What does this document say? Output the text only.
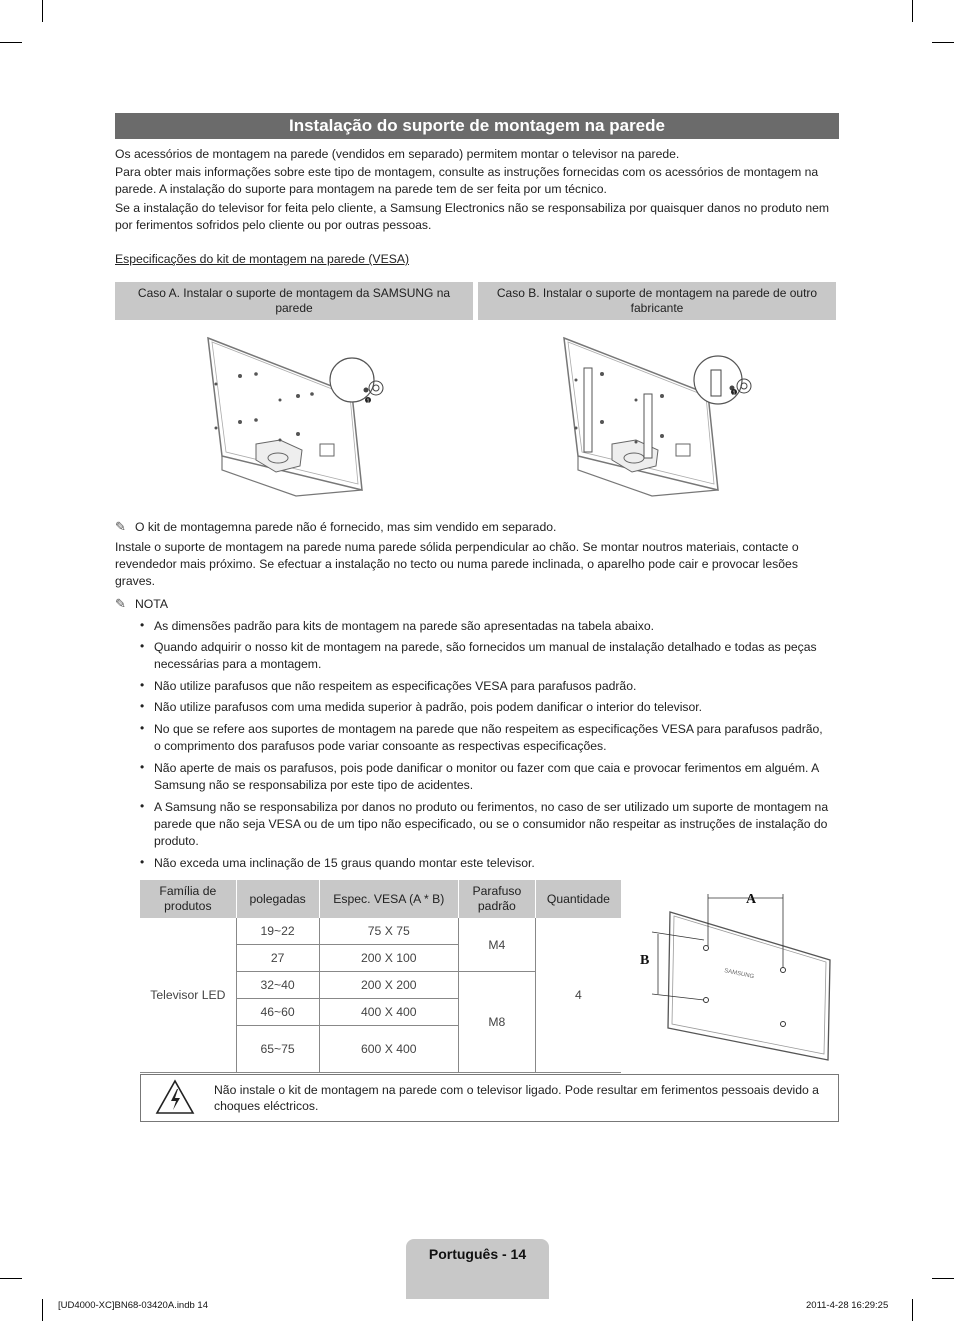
Instalação do suporte de montagem na parede

Os acessórios de montagem na parede (vendidos em separado) permitem montar o televisor na parede.

Para obter mais informações sobre este tipo de montagem, consulte as instruções fornecidas com os acessórios de montagem na parede. A instalação do suporte para montagem na parede tem de ser feita por um técnico.

Se a instalação do televisor for feita pelo cliente, a Samsung Electronics não se responsabiliza por quaisquer danos no produto nem por ferimentos sofridos pelo cliente ou por outras pessoas.

Especificações do kit de montagem na parede (VESA)
Caso A. Instalar o suporte de montagem da SAMSUNG na parede
Caso B. Instalar o suporte de montagem na parede de outro fabricante
1
1
✎ O kit de montagemna parede não é fornecido, mas sim vendido em separado.

Instale o suporte de montagem na parede numa parede sólida perpendicular ao chão. Se montar noutros materiais, contacte o revendedor mais próximo. Se efectuar a instalação no tecto ou numa parede inclinada, o aparelho pode cair e provocar lesões graves.

✎ NOTA
• As dimensões padrão para kits de montagem na parede são apresentadas na tabela abaixo.
• Quando adquirir o nosso kit de montagem na parede, são fornecidos um manual de instalação detalhado e todas as peças necessárias para a montagem.
• Não utilize parafusos que não respeitem as especificações VESA para parafusos padrão.
• Não utilize parafusos com uma medida superior à padrão, pois podem danificar o interior do televisor.
• No que se refere aos suportes de montagem na parede que não respeitem as especificações VESA para parafusos padrão, o comprimento dos parafusos pode variar consoante as respectivas especificações.
• Não aperte de mais os parafusos, pois pode danificar o monitor ou fazer com que caia e provocar ferimentos em alguém. A Samsung não se responsabiliza por este tipo de acidentes.
• A Samsung não se responsabiliza por danos no produto ou ferimentos, no caso de ser utilizado um suporte de montagem na parede que não seja VESA ou de um tipo não especificado, ou se o consumidor não respeitar as instruções de instalação do produto.
• Não exceda uma inclinação de 15 graus quando montar este televisor.
Família de produtos	polegadas	Espec. VESA (A * B)	Parafuso padrão	Quantidade
Televisor LED	19~22	75 X 75	M4	4
	27	200 X 100		
	32~40	200 X 200	M8	
	46~60	400 X 400		
	65~75	600 X 400		
A
B
SAMSUNG
Não instale o kit de montagem na parede com o televisor ligado. Pode resultar em ferimentos pessoais devido a choques eléctricos.
Português - 14
[UD4000-XC]BN68-03420A.indb 14	2011-4-28 16:29:25
